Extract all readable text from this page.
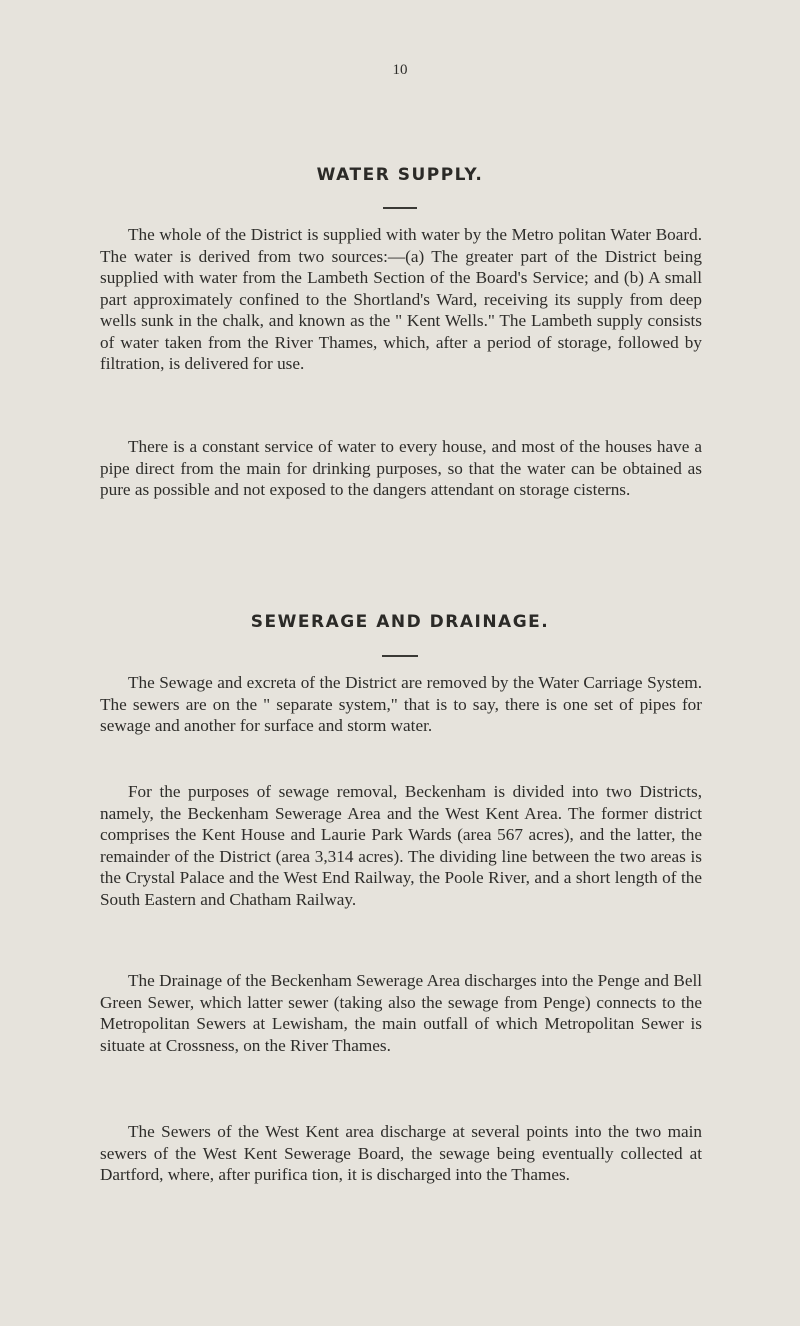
10
WATER SUPPLY.

The whole of the District is supplied with water by the Metro politan Water Board. The water is derived from two sources:—(a) The greater part of the District being supplied with water from the Lambeth Section of the Board's Service; and (b) A small part approximately confined to the Shortland's Ward, receiving its supply from deep wells sunk in the chalk, and known as the " Kent Wells." The Lambeth supply consists of water taken from the River Thames, which, after a period of storage, followed by filtration, is delivered for use.

There is a constant service of water to every house, and most of the houses have a pipe direct from the main for drinking purposes, so that the water can be obtained as pure as possible and not exposed to the dangers attendant on storage cisterns.

SEWERAGE AND DRAINAGE.

The Sewage and excreta of the District are removed by the Water Carriage System. The sewers are on the " separate system," that is to say, there is one set of pipes for sewage and another for surface and storm water.

For the purposes of sewage removal, Beckenham is divided into two Districts, namely, the Beckenham Sewerage Area and the West Kent Area. The former district comprises the Kent House and Laurie Park Wards (area 567 acres), and the latter, the remainder of the District (area 3,314 acres). The dividing line between the two areas is the Crystal Palace and the West End Railway, the Poole River, and a short length of the South Eastern and Chatham Railway.

The Drainage of the Beckenham Sewerage Area discharges into the Penge and Bell Green Sewer, which latter sewer (taking also the sewage from Penge) connects to the Metropolitan Sewers at Lewisham, the main outfall of which Metropolitan Sewer is situate at Crossness, on the River Thames.

The Sewers of the West Kent area discharge at several points into the two main sewers of the West Kent Sewerage Board, the sewage being eventually collected at Dartford, where, after purifica tion, it is discharged into the Thames.
